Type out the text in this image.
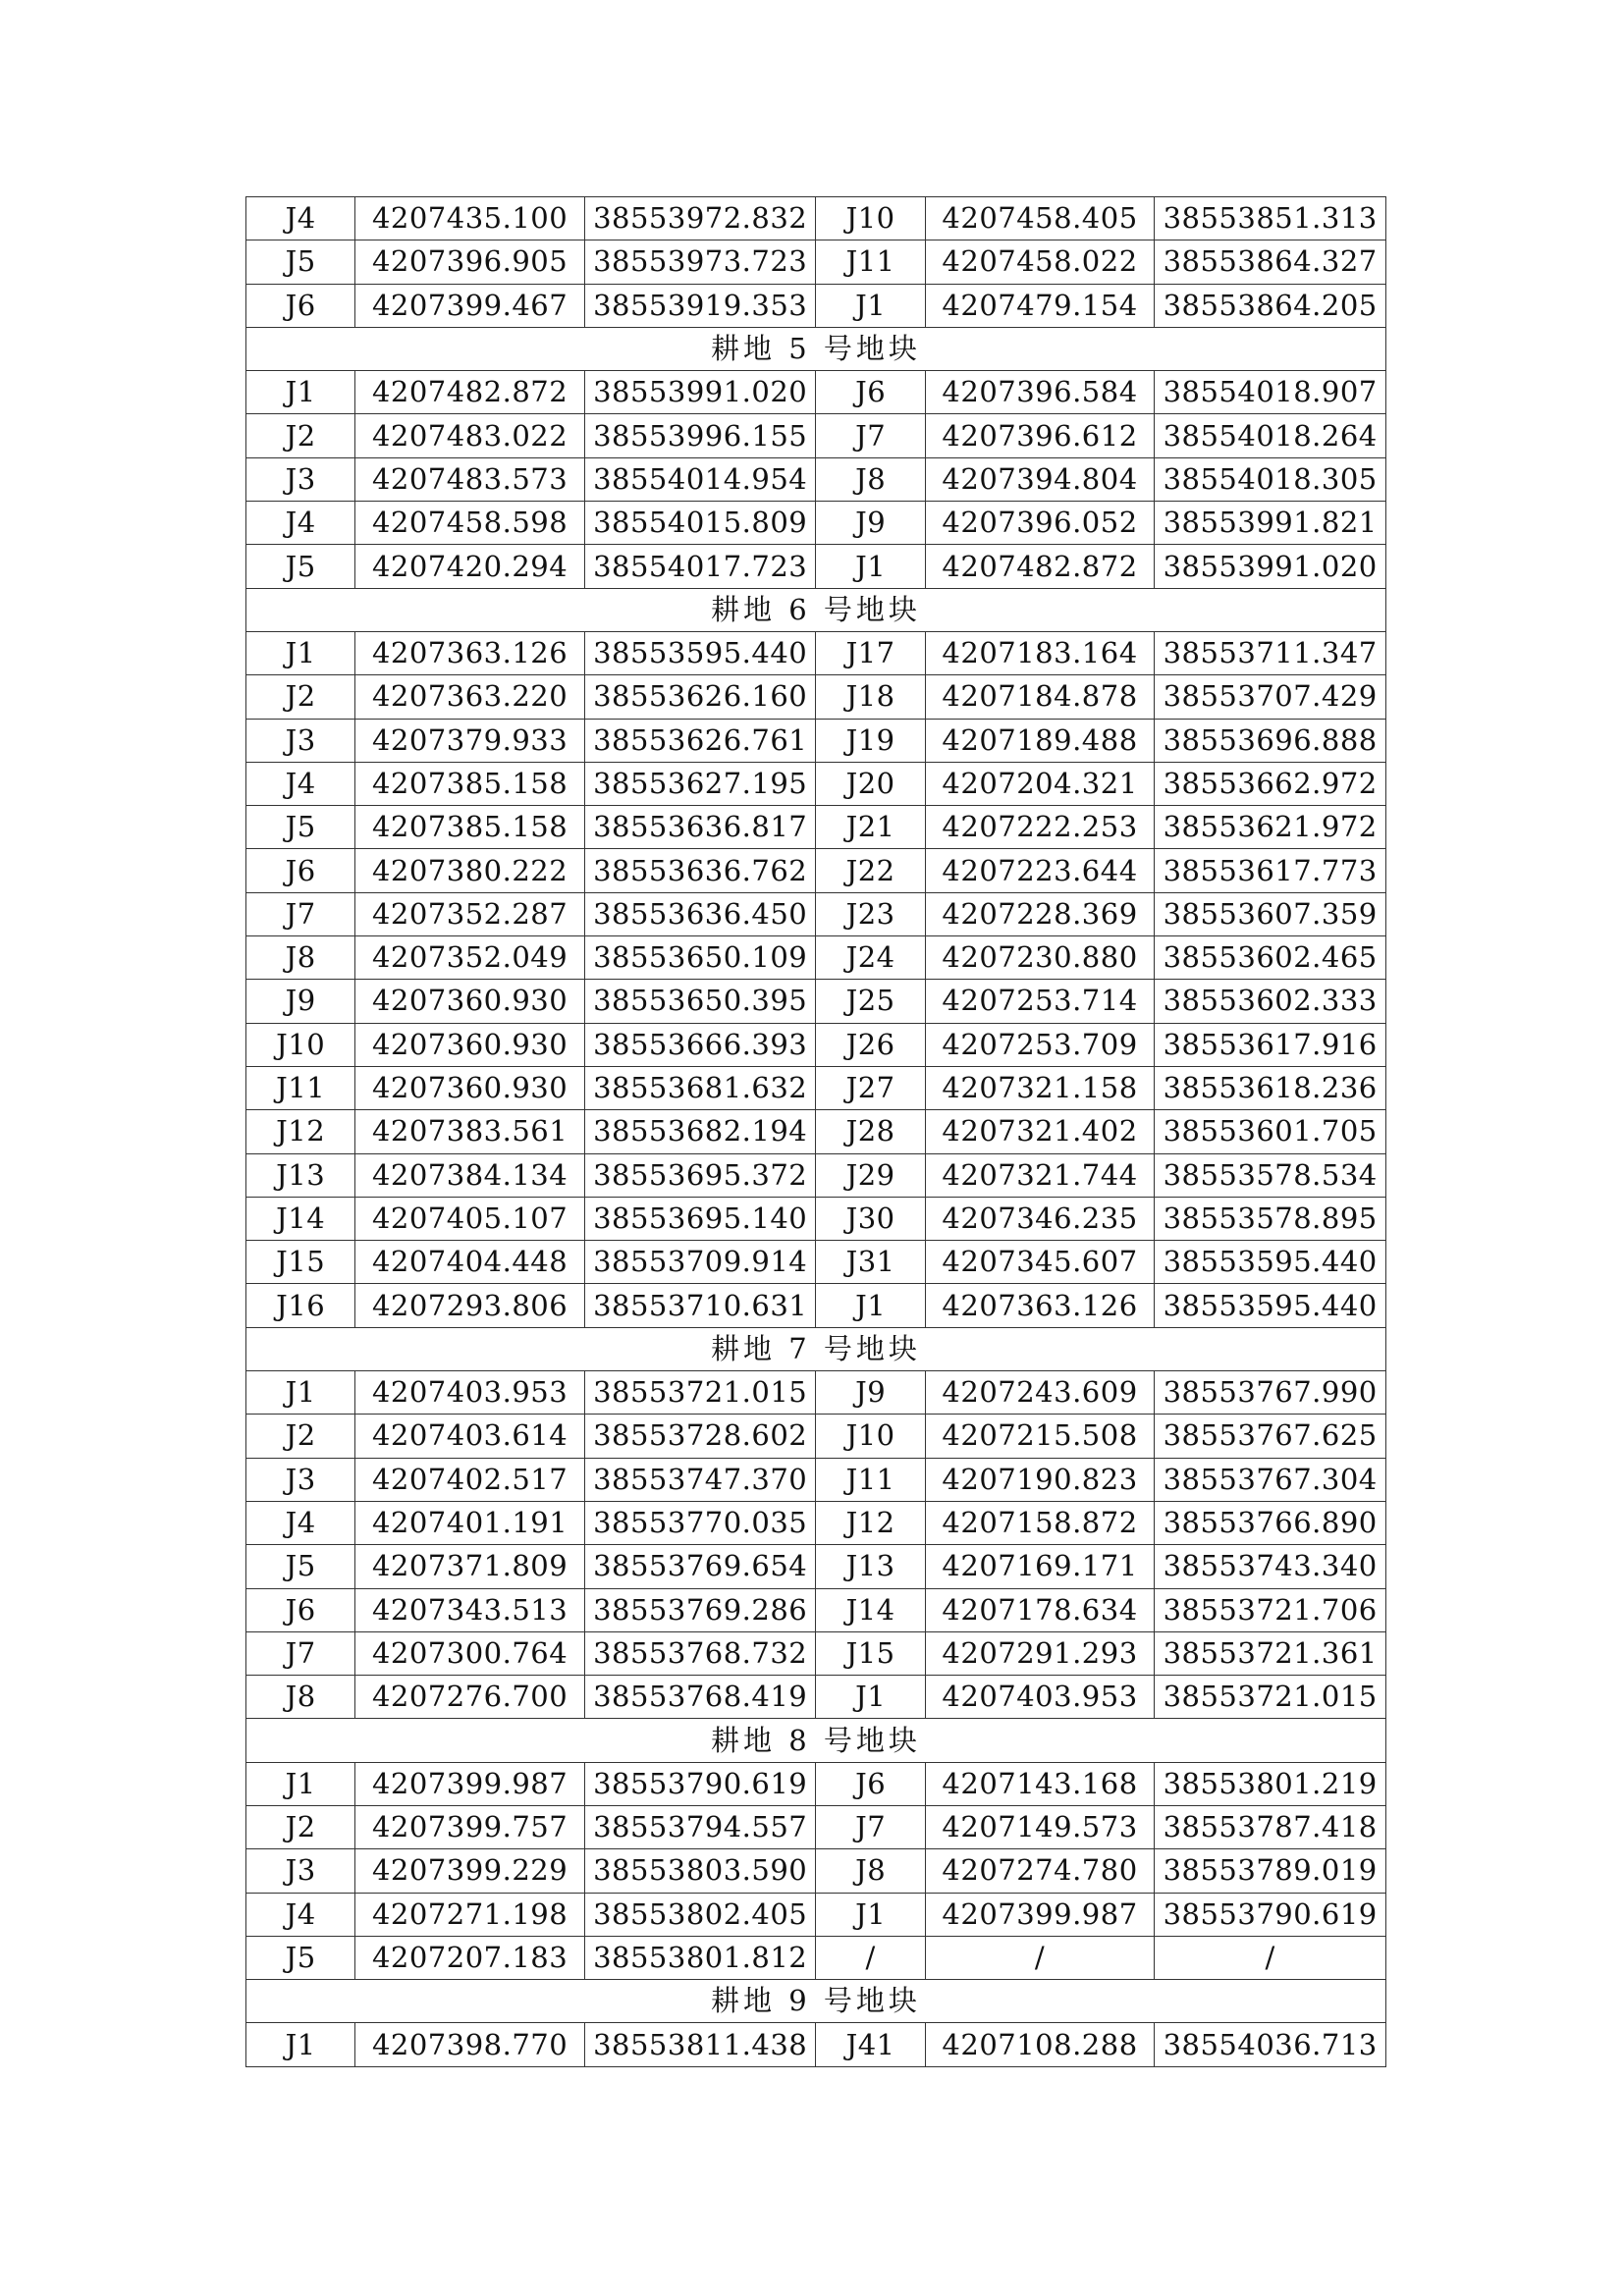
J4	4207435.100	38553972.832	J10	4207458.405	38553851.313
J5	4207396.905	38553973.723	J11	4207458.022	38553864.327
J6	4207399.467	38553919.353	J1	4207479.154	38553864.205
耕地 5 号地块					
J1	4207482.872	38553991.020	J6	4207396.584	38554018.907
J2	4207483.022	38553996.155	J7	4207396.612	38554018.264
J3	4207483.573	38554014.954	J8	4207394.804	38554018.305
J4	4207458.598	38554015.809	J9	4207396.052	38553991.821
J5	4207420.294	38554017.723	J1	4207482.872	38553991.020
耕地 6 号地块					
J1	4207363.126	38553595.440	J17	4207183.164	38553711.347
J2	4207363.220	38553626.160	J18	4207184.878	38553707.429
J3	4207379.933	38553626.761	J19	4207189.488	38553696.888
J4	4207385.158	38553627.195	J20	4207204.321	38553662.972
J5	4207385.158	38553636.817	J21	4207222.253	38553621.972
J6	4207380.222	38553636.762	J22	4207223.644	38553617.773
J7	4207352.287	38553636.450	J23	4207228.369	38553607.359
J8	4207352.049	38553650.109	J24	4207230.880	38553602.465
J9	4207360.930	38553650.395	J25	4207253.714	38553602.333
J10	4207360.930	38553666.393	J26	4207253.709	38553617.916
J11	4207360.930	38553681.632	J27	4207321.158	38553618.236
J12	4207383.561	38553682.194	J28	4207321.402	38553601.705
J13	4207384.134	38553695.372	J29	4207321.744	38553578.534
J14	4207405.107	38553695.140	J30	4207346.235	38553578.895
J15	4207404.448	38553709.914	J31	4207345.607	38553595.440
J16	4207293.806	38553710.631	J1	4207363.126	38553595.440
耕地 7 号地块					
J1	4207403.953	38553721.015	J9	4207243.609	38553767.990
J2	4207403.614	38553728.602	J10	4207215.508	38553767.625
J3	4207402.517	38553747.370	J11	4207190.823	38553767.304
J4	4207401.191	38553770.035	J12	4207158.872	38553766.890
J5	4207371.809	38553769.654	J13	4207169.171	38553743.340
J6	4207343.513	38553769.286	J14	4207178.634	38553721.706
J7	4207300.764	38553768.732	J15	4207291.293	38553721.361
J8	4207276.700	38553768.419	J1	4207403.953	38553721.015
耕地 8 号地块					
J1	4207399.987	38553790.619	J6	4207143.168	38553801.219
J2	4207399.757	38553794.557	J7	4207149.573	38553787.418
J3	4207399.229	38553803.590	J8	4207274.780	38553789.019
J4	4207271.198	38553802.405	J1	4207399.987	38553790.619
J5	4207207.183	38553801.812	/	/	/
耕地 9 号地块					
J1	4207398.770	38553811.438	J41	4207108.288	38554036.713
